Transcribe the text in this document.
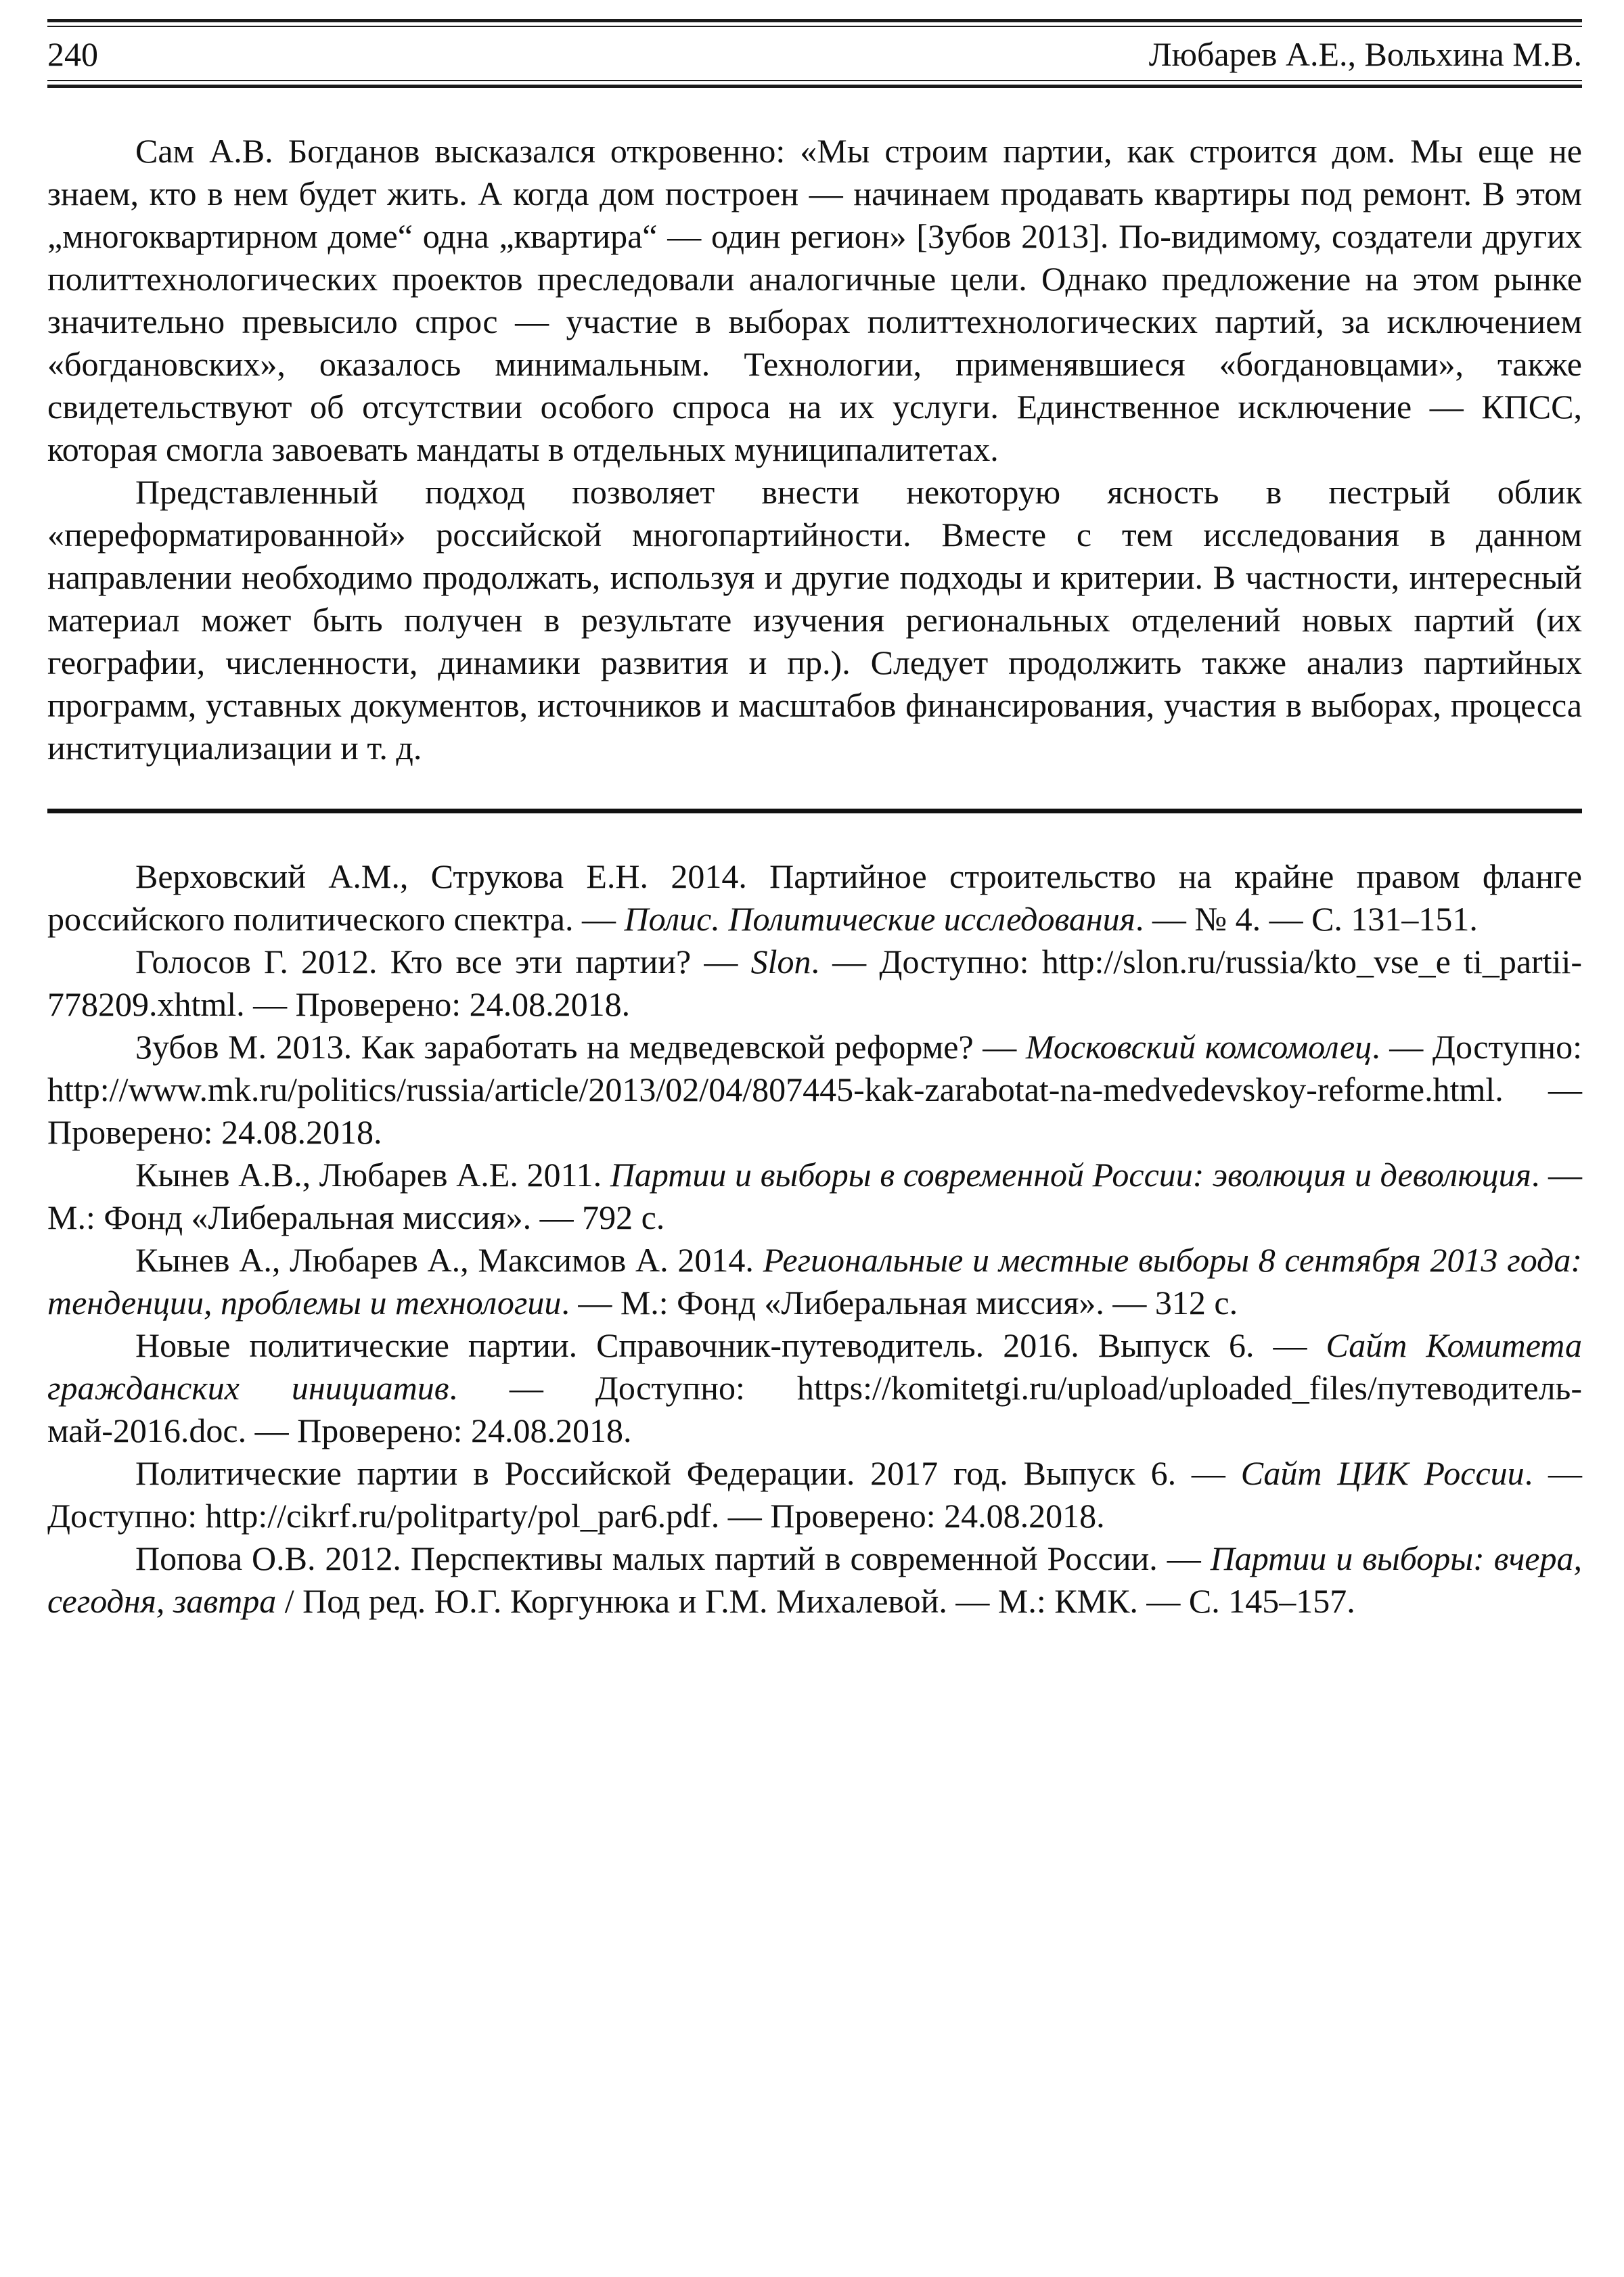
240	Любарев А.Е., Вольхина М.В.

Сам А.В. Богданов высказался откровенно: «Мы строим партии, как строится дом. Мы еще не знаем, кто в нем будет жить. А когда дом построен — начинаем продавать квартиры под ремонт. В этом „многоквартирном доме“ одна „квартира“ — один регион» [Зубов 2013]. По-видимому, создатели других политтехнологических проектов преследовали аналогичные цели. Однако предложение на этом рынке значительно превысило спрос — участие в выборах политтехнологических партий, за исключением «богдановских», оказалось минимальным. Технологии, применявшиеся «богдановцами», также свидетельствуют об отсутствии особого спроса на их услуги. Единственное исключение — КПСС, которая смогла завоевать мандаты в отдельных муниципалитетах.

Представленный подход позволяет внести некоторую ясность в пестрый облик «переформатированной» российской многопартийности. Вместе с тем исследования в данном направлении необходимо продолжать, используя и другие подходы и критерии. В частности, интересный материал может быть получен в результате изучения региональных отделений новых партий (их географии, численности, динамики развития и пр.). Следует продолжить также анализ партийных программ, уставных документов, источников и масштабов финансирования, участия в выборах, процесса институциализации и т. д.

Верховский А.М., Струкова Е.Н. 2014. Партийное строительство на крайне правом фланге российского политического спектра. — Полис. Политические исследования. — № 4. — С. 131–151.

Голосов Г. 2012. Кто все эти партии? — Slon. — Доступно: http://slon.ru/russia/kto_vse_e ti_partii-778209.xhtml. — Проверено: 24.08.2018.

Зубов М. 2013. Как заработать на медведевской реформе? — Московский комсомолец. — Доступно: http://www.mk.ru/politics/russia/article/2013/02/04/807445-kak-zarabotat-na-medvedevskoy-reforme.html. — Проверено: 24.08.2018.

Кынев А.В., Любарев А.Е. 2011. Партии и выборы в современной России: эволюция и деволюция. — М.: Фонд «Либеральная миссия». — 792 с.

Кынев А., Любарев А., Максимов А. 2014. Региональные и местные выборы 8 сентября 2013 года: тенденции, проблемы и технологии. — М.: Фонд «Либеральная миссия». — 312 с.

Новые политические партии. Справочник-путеводитель. 2016. Выпуск 6. — Сайт Комитета гражданских инициатив. — Доступно: https://komitetgi.ru/upload/uploaded_files/путеводитель-май-2016.doc. — Проверено: 24.08.2018.

Политические партии в Российской Федерации. 2017 год. Выпуск 6. — Сайт ЦИК России. — Доступно: http://cikrf.ru/politparty/pol_par6.pdf. — Проверено: 24.08.2018.

Попова О.В. 2012. Перспективы малых партий в современной России. — Партии и выборы: вчера, сегодня, завтра / Под ред. Ю.Г. Коргунюка и Г.М. Михалевой. — М.: КМК. — С. 145–157.
